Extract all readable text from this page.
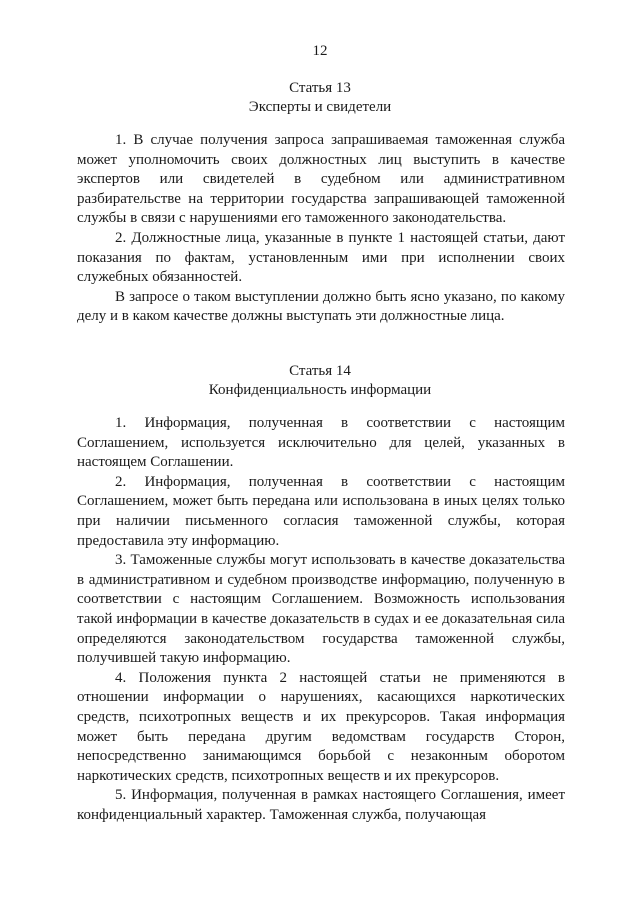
12
Статья 13
Эксперты и свидетели

1. В случае получения запроса запрашиваемая таможенная служба может уполномочить своих должностных лиц выступить в качестве экспертов или свидетелей в судебном или административном разбирательстве на территории государства запрашивающей таможенной службы в связи с нарушениями его таможенного законодательства.

2. Должностные лица, указанные в пункте 1 настоящей статьи, дают показания по фактам, установленным ими при исполнении своих служебных обязанностей.

В запросе о таком выступлении должно быть ясно указано, по какому делу и в каком качестве должны выступать эти должностные лица.

Статья 14
Конфиденциальность информации

1. Информация, полученная в соответствии с настоящим Соглашением, используется исключительно для целей, указанных в настоящем Соглашении.

2. Информация, полученная в соответствии с настоящим Соглашением, может быть передана или использована в иных целях только при наличии письменного согласия таможенной службы, которая предоставила эту информацию.

3. Таможенные службы могут использовать в качестве доказательства в административном и судебном производстве информацию, полученную в соответствии с настоящим Соглашением. Возможность использования такой информации в качестве доказательств в судах и ее доказательная сила определяются законодательством государства таможенной службы, получившей такую информацию.

4. Положения пункта 2 настоящей статьи не применяются в отношении информации о нарушениях, касающихся наркотических средств, психотропных веществ и их прекурсоров. Такая информация может быть передана другим ведомствам государств Сторон, непосредственно занимающимся борьбой с незаконным оборотом наркотических средств, психотропных веществ и их прекурсоров.

5. Информация, полученная в рамках настоящего Соглашения, имеет конфиденциальный характер. Таможенная служба, получающая
